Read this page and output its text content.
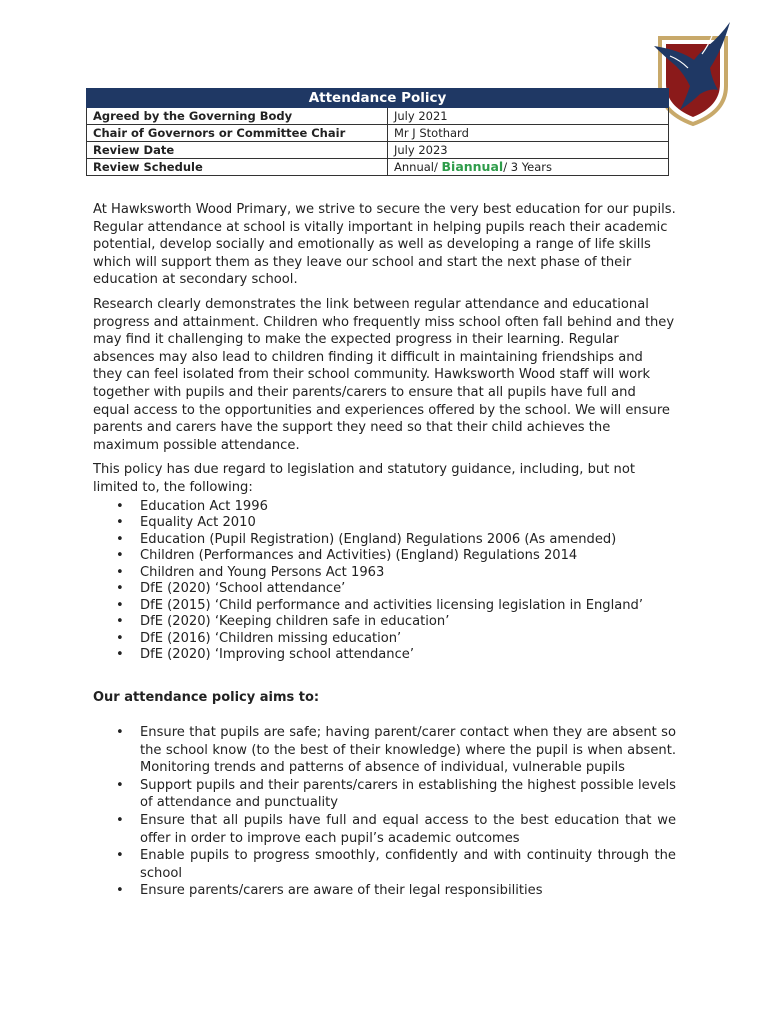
Attendance Policy	
Agreed by the Governing Body	July 2021
Chair of Governors or Committee Chair	Mr J Stothard
Review Date	July 2023
Review Schedule	Annual/ Biannual/ 3 Years

At Hawksworth Wood Primary, we strive to secure the very best education for our pupils. Regular attendance at school is vitally important in helping pupils reach their academic potential, develop socially and emotionally as well as developing a range of life skills which will support them as they leave our school and start the next phase of their education at secondary school.

Research clearly demonstrates the link between regular attendance and educational progress and attainment. Children who frequently miss school often fall behind and they may find it challenging to make the expected progress in their learning. Regular absences may also lead to children finding it difficult in maintaining friendships and they can feel isolated from their school community. Hawksworth Wood staff will work together with pupils and their parents/carers to ensure that all pupils have full and equal access to the opportunities and experiences offered by the school. We will ensure parents and carers have the support they need so that their child achieves the maximum possible attendance.

This policy has due regard to legislation and statutory guidance, including, but not limited to, the following:

• Education Act 1996
• Equality Act 2010
• Education (Pupil Registration) (England) Regulations 2006 (As amended)
• Children (Performances and Activities) (England) Regulations 2014
• Children and Young Persons Act 1963
• DfE (2020) ‘School attendance’
• DfE (2015) ‘Child performance and activities licensing legislation in England’
• DfE (2020) ‘Keeping children safe in education’
• DfE (2016) ‘Children missing education’
• DfE (2020) ‘Improving school attendance’
Our attendance policy aims to:
• Ensure that pupils are safe; having parent/carer contact when they are absent so the school know (to the best of their knowledge) where the pupil is when absent. Monitoring trends and patterns of absence of individual, vulnerable pupils
• Support pupils and their parents/carers in establishing the highest possible levels of attendance and punctuality
• Ensure that all pupils have full and equal access to the best education that we offer in order to improve each pupil’s academic outcomes
• Enable pupils to progress smoothly, confidently and with continuity through the school
• Ensure parents/carers are aware of their legal responsibilities
